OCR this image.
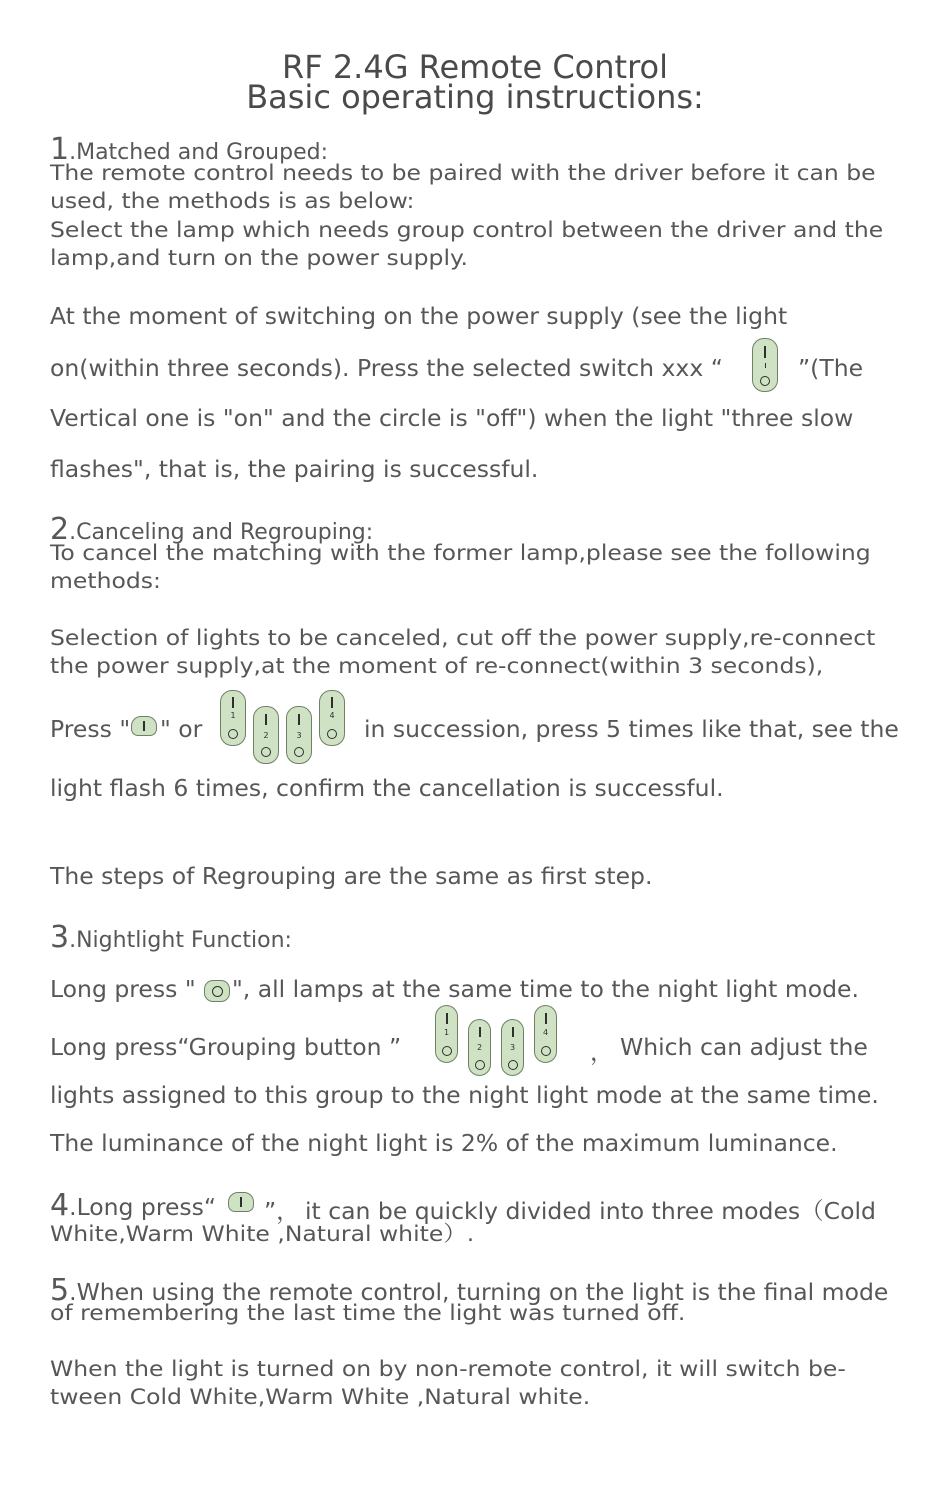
RF 2.4G Remote Control
Basic operating instructions:
1.Matched and Grouped:
The remote control needs to be paired with the driver before it can be
used, the methods is as below:
Select the lamp which needs group control between the driver and the
lamp,and turn on the power supply.
At the moment of switching on the power supply (see the light
on(within three seconds). Press the selected switch xxx “	”(The
Vertical one is "on" and the circle is "off") when the light "three slow
flashes", that is, the pairing is successful.
2.Canceling and Regrouping:
To cancel the matching with the former lamp,please see the following
methods:
Selection of lights to be canceled, cut off the power supply,re-connect
the power supply,at the moment of re-connect(within 3 seconds),
Press " " or	1
2	3
4	in succession, press 5 times like that, see the
light flash 6 times, confirm the cancellation is successful.
The steps of Regrouping are the same as first step.
3.Nightlight Function:
Long press " ", all lamps at the same time to the night light mode.
Long press“Grouping button ”
1
2	3
4
， Which can adjust the
lights assigned to this group to the night light mode at the same time.
The luminance of the night light is 2% of the maximum luminance.
4.Long press“ ”， it can be quickly divided into three modes（Cold
White,Warm White ,Natural white）.
5.When using the remote control, turning on the light is the final mode
of remembering the last time the light was turned off.
When the light is turned on by non-remote control, it will switch be-
tween Cold White,Warm White ,Natural white.
